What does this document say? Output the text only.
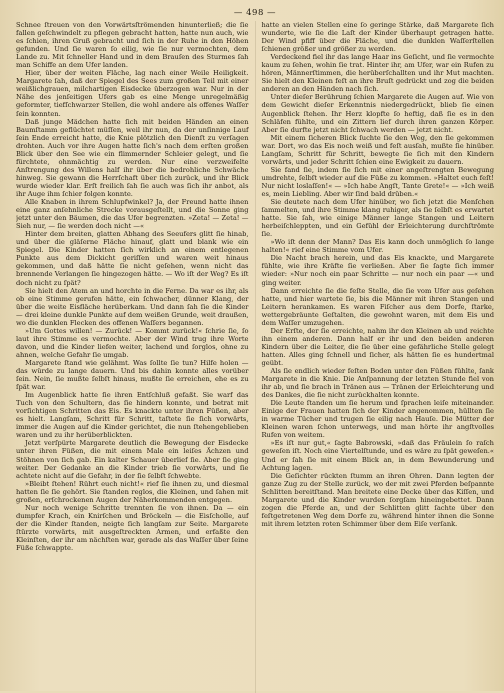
— 498 —

Schnee ſtreuen von den Vorwärtsſtrömenden hinunterließ; die ſie fallen geſchwindelt zu pflegen gebracht hatten, hatte nun auch, wie es ſchien, ihren Gruß gebracht und ſich in der Ruhe in den Höhen gefunden. Und ſie waren ſo eilig, wie ſie nur vermochten, dem Lande zu. Mit ſchneller Hand und in dem Brauſen des Sturmes ſah man Schiffe an dem Ufer landen.

Hier, über der weiten Fläche, lag nach einer Weile Heiligkeit. Margarete ſah, daß der Spiegel des Sees zum großen Teil mit einer weißlichgrauen, milchartigen Eisdecke überzogen war. Nur in der Nähe des jenſeitigen Ufers gab es eine Menge unregelmäßig geformter, tiefſchwarzer Stellen, die wohl andere als offenes Waſſer ſein konnten.

Daß junge Mädchen hatte ſich mit beiden Händen an einen Baumſtamm geflüchtet müſſen, weil ihr nun, da der unſinnige Lauf ſein Ende erreicht hatte, die Knie plötzlich den Dienſt zu verſagen drohten. Auch vor ihre Augen hatte ſich's nach dem erſten großen Blick über den See wie ein flimmernder Schleier gelegt, und ſie fürchtete, ohnmächtig zu werden. Nur eine verzweifelte Anſtrengung des Willens half ihr über die bedrohliche Schwäche hinweg. Sie gewann die Herrſchaft über ſich zurück, und ihr Blick wurde wieder klar. Erſt freilich ſah ſie auch was ſich ihr anbot, als ihr Auge ihm ſchier folgen konnte.

Alle Knaben in ihrem Schlupfwinkel? Ja, der Freund hatte ihnen eine ganz anſehnliche Strecke vorausgeſtellt, und die Sonne ging jetzt unter den Bäumen, die das Ufer begrenzten. »Zeta! — Zeta! — Sieh nur, — ſie werden doch nicht —«

Hinter dem breiten, glatten Abhang des Seeufers glitt ſie hinab, und über die gläſerne Fläche hinauf, glatt und blank wie ein Spiegel. Die Kinder hatten ſich wirklich an einem entlegenen Punkte aus dem Dickicht geriſſen und waren weit hinaus gekommen, und daß hätte ſie nicht geſehen, wenn nicht das brennende Verlangen ſie hingezogen hätte. — Wo iſt der Weg? Es iſt doch nicht zu ſpät?

Sie hielt den Atem an und horchte in die Ferne. Da war es ihr, als ob eine Stimme gerufen hätte, ein ſchwacher, dünner Klang, der über die weite Eisfläche herüberkam. Und dann ſah ſie die Kinder — drei kleine dunkle Punkte auf dem weißen Grunde, weit draußen, wo die dunklen Flecken des offenen Waſſers begannen.

»Um Gottes willen! — Zurück! — Kommt zurück!« ſchrie ſie, ſo laut ihre Stimme es vermochte. Aber der Wind trug ihre Worte davon, und die Kinder liefen weiter, lachend und ſorglos, ohne zu ahnen, welche Gefahr ſie umgab.

Margarete ſtand wie gelähmt. Was ſollte ſie tun? Hilfe holen — das würde zu lange dauern. Und bis dahin konnte alles vorüber ſein. Nein, ſie mußte ſelbſt hinaus, mußte ſie erreichen, ehe es zu ſpät war.

Im Augenblick hatte ſie ihren Entſchluß gefaßt. Sie warf das Tuch von den Schultern, das ſie hindern konnte, und betrat mit vorſichtigen Schritten das Eis. Es knackte unter ihren Füßen, aber es hielt. Langſam, Schritt für Schritt, taſtete ſie ſich vorwärts, immer die Augen auf die Kinder gerichtet, die nun ſtehengeblieben waren und zu ihr herüberblickten.

Jetzt verſpürte Margarete deutlich die Bewegung der Eisdecke unter ihren Füßen, die mit einem Male ein leiſes Ächzen und Stöhnen von ſich gab. Ein kalter Schauer überlief ſie. Aber ſie ging weiter. Der Gedanke an die Kinder trieb ſie vorwärts, und ſie achtete nicht auf die Gefahr, in der ſie ſelbſt ſchwebte.

»Bleibt ſtehen! Rührt euch nicht!« rief ſie ihnen zu, und diesmal hatten ſie ſie gehört. Sie ſtanden reglos, die Kleinen, und ſahen mit großen, erſchrockenen Augen der Näherkommenden entgegen.

Nur noch wenige Schritte trennten ſie von ihnen. Da — ein dumpfer Krach, ein Knirſchen und Bröckeln — die Eisſcholle, auf der die Kinder ſtanden, neigte ſich langſam zur Seite. Margarete ſtürzte vorwärts, mit ausgeſtreckten Armen, und erfaßte den Kleinſten, der ihr am nächſten war, gerade als das Waſſer über ſeine Füße ſchwappte.

hatte an vielen Stellen eine ſo geringe Stärke, daß Margarete ſich wunderte, wie ſie die Laſt der Kinder überhaupt getragen hatte. Der Wind pfiff über die Fläche, und die dunklen Waſſerſtellen ſchienen größer und größer zu werden.

Verdeckend fiel ihr das lange Haar ins Geſicht, und ſie vermochte kaum zu ſehen, wohin ſie trat. Hinter ihr, am Ufer, war ein Rufen zu hören, Männerſtimmen, die herüberſchallten und ihr Mut machten. Sie hielt den Kleinen feſt an ihre Bruſt gedrückt und zog die beiden anderen an den Händen nach ſich.

Unter dieſer Berührung ſchien Margarete die Augen auf. Wie von dem Gewicht dieſer Erkenntnis niedergedrückt, blieb ſie einen Augenblick ſtehen. Ihr Herz klopfte ſo heftig, daß ſie es in den Schläfen fühlte, und ein Zittern lief durch ihren ganzen Körper. Aber ſie durfte jetzt nicht ſchwach werden — jetzt nicht.

Mit einem ſicheren Blick ſuchte ſie den Weg, den ſie gekommen war. Dort, wo das Eis noch weiß und feſt ausſah, mußte ſie hinüber. Langſam, Schritt für Schritt, bewegte ſie ſich mit den Kindern vorwärts, und jeder Schritt ſchien eine Ewigkeit zu dauern.

Sie fand ſie, indem ſie ſich mit einer angeſtrengten Bewegung umdrehte, ſelbſt wieder auf die Füße zu kommen. »Haltet euch feſt! Nur nicht loslaſſen!« — »Ich habe Angſt, Tante Grete!« — »Ich weiß es, mein Liebling. Aber wir ſind bald drüben.«

Sie deutete nach dem Ufer hinüber, wo ſich jetzt die Menſchen ſammelten, und ihre Stimme klang ruhiger, als ſie ſelbſt es erwartet hatte. Sie ſah, wie einige Männer lange Stangen und Leitern herbeiſchleppten, und ein Gefühl der Erleichterung durchſtrömte ſie.

»Wo iſt denn der Mann? Das Eis kann doch unmöglich ſo lange halten!« rief eine Stimme vom Ufer.

Die Nacht brach herein, und das Eis knackte, und Margarete fühlte, wie ihre Kräfte ſie verließen. Aber ſie ſagte ſich immer wieder: »Nur noch ein paar Schritte — nur noch ein paar —« und ging weiter.

Dann erreichte ſie die feſte Stelle, die ſie vom Ufer aus geſehen hatte, und hier wartete ſie, bis die Männer mit ihren Stangen und Leitern herankamen. Es waren Fiſcher aus dem Dorfe, ſtarke, wettergebräunte Geſtalten, die gewohnt waren, mit dem Eis und dem Waſſer umzugehen.

Der Erſte, der ſie erreichte, nahm ihr den Kleinen ab und reichte ihn einem anderen. Dann half er ihr und den beiden anderen Kindern über die Leiter, die ſie über eine gefährliche Stelle gelegt hatten. Alles ging ſchnell und ſicher, als hätten ſie es hundertmal geübt.

Als ſie endlich wieder feſten Boden unter den Füßen fühlte, ſank Margarete in die Knie. Die Anſpannung der letzten Stunde fiel von ihr ab, und ſie brach in Tränen aus — Tränen der Erleichterung und des Dankes, die ſie nicht zurückhalten konnte.

Die Leute ſtanden um ſie herum und ſprachen leiſe miteinander. Einige der Frauen hatten ſich der Kinder angenommen, hüllten ſie in warme Tücher und trugen ſie eilig nach Hauſe. Die Mütter der Kleinen waren ſchon unterwegs, und man hörte ihr angſtvolles Rufen von weitem.

»Es iſt nur gut,« ſagte Babrowski, »daß das Fräulein ſo raſch geweſen iſt. Noch eine Viertelſtunde, und es wäre zu ſpät geweſen.« Und er ſah ſie mit einem Blick an, in dem Bewunderung und Achtung lagen.

Die Geſichter rückten ſtumm an ihren Ohren. Dann legten der ganze Zug zu der Stelle zurück, wo der mit zwei Pferden beſpannte Schlitten bereitſtand. Man breitete eine Decke über das Kiſſen, und Margarete und die Kinder wurden ſorgſam hineingebettet. Dann zogen die Pferde an, und der Schlitten glitt ſachte über den feſtgetretenen Weg dem Dorfe zu, während hinter ihnen die Sonne mit ihrem letzten roten Schimmer über dem Eiſe verſank.
